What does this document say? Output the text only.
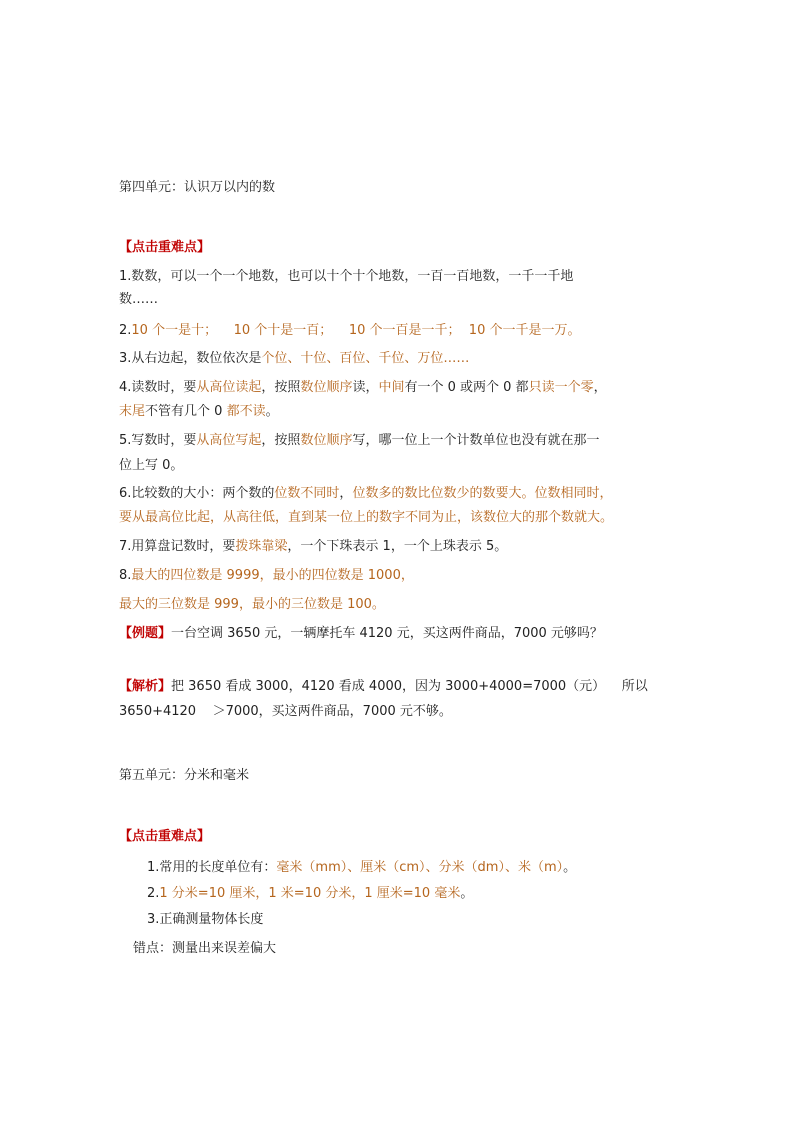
第四单元：认识万以内的数
【点击重难点】
1.数数，可以一个一个地数，也可以十个十个地数，一百一百地数，一千一千地
数……
2.10 个一是十； 10 个十是一百； 10 个一百是一千； 10 个一千是一万。
3.从右边起，数位依次是个位、十位、百位、千位、万位……
4.读数时，要从高位读起，按照数位顺序读，中间有一个 0 或两个 0 都只读一个零，
末尾不管有几个 0 都不读。
5.写数时，要从高位写起，按照数位顺序写，哪一位上一个计数单位也没有就在那一
位上写 0。
6.比较数的大小：两个数的位数不同时，位数多的数比位数少的数要大。位数相同时，
要从最高位比起，从高往低，直到某一位上的数字不同为止，该数位大的那个数就大。
7.用算盘记数时，要拨珠靠梁，一个下珠表示 1，一个上珠表示 5。
8.最大的四位数是 9999，最小的四位数是 1000，
最大的三位数是 999，最小的三位数是 100。
【例题】一台空调 3650 元，一辆摩托车 4120 元，买这两件商品，7000 元够吗？
【解析】把 3650 看成 3000，4120 看成 4000，因为 3000+4000=7000（元）    所以
3650+4120    ＞7000，买这两件商品，7000 元不够。
第五单元：分米和毫米
【点击重难点】
1.常用的长度单位有：毫米（mm）、厘米（cm）、分米（dm）、米（m）。
2.1 分米=10 厘米，1 米=10 分米，1 厘米=10 毫米。
3.正确测量物体长度
错点：测量出来误差偏大
